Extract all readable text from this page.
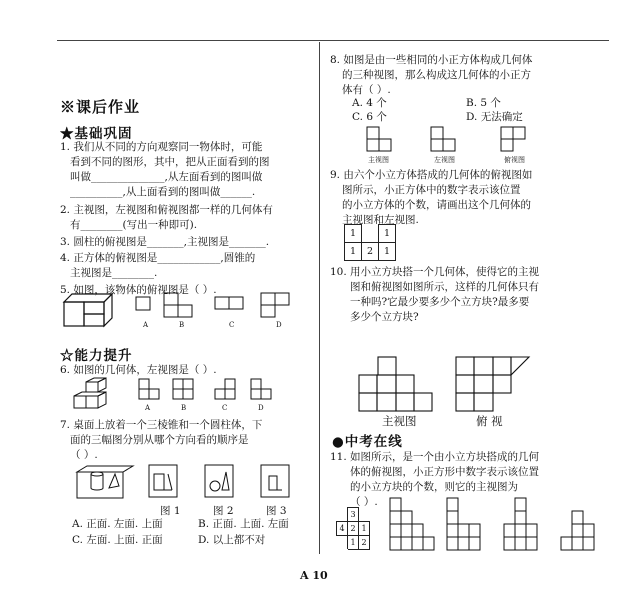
※课后作业
★基础巩固
1. 我们从不同的方向观察同一物体时，可能
看到不同的图形，其中，把从正面看到的图
叫做______________,从左面看到的图叫做
__________,从上面看到的图叫做______.
2. 主视图，左视图和俯视图都一样的几何体有
有________(写出一种即可).
3. 圆柱的俯视图是_______,主视图是_______.
4. 正方体的俯视图是____________,圆锥的
主视图是________.
5. 如图，该物体的俯视图是（ ）.
A	B	C	D
☆能力提升
6. 如图的几何体，左视图是（ ）.
A	B	C	D
7. 桌面上放着一个三棱锥和一个圆柱体，下
面的三幅图分别从哪个方向看的顺序是
（ ）.
图 1	图 2	图 3
A. 正面. 左面. 上面	B. 正面. 上面. 左面
C. 左面. 上面. 正面	D. 以上都不对
8. 如图是由一些相同的小正方体构成几何体
的三种视图，那么构成这几何体的小正方
体有（ ）.
A. 4 个	B. 5 个
C. 6 个	D. 无法确定
主视图	左视图	俯视图
9. 由六个小立方体搭成的几何体的俯视图如
图所示，小正方体中的数字表示该位置
的小立方体的个数，请画出这个几何体的
主视图和左视图.
1		1
1	2	1
10. 用小立方块搭一个几何体，使得它的主视
图和俯视图如图所示，这样的几何体只有
一种吗?它最少要多少个立方块?最多要
多少个立方块?
主视图	俯 视
●中考在线
11. 如图所示，是一个由小立方块搭成的几何
体的俯视图，小正方形中数字表示该位置
的小立方块的个数，则它的主视图为
（ ）.
	3	
4	2	1
	1	2
A 10
